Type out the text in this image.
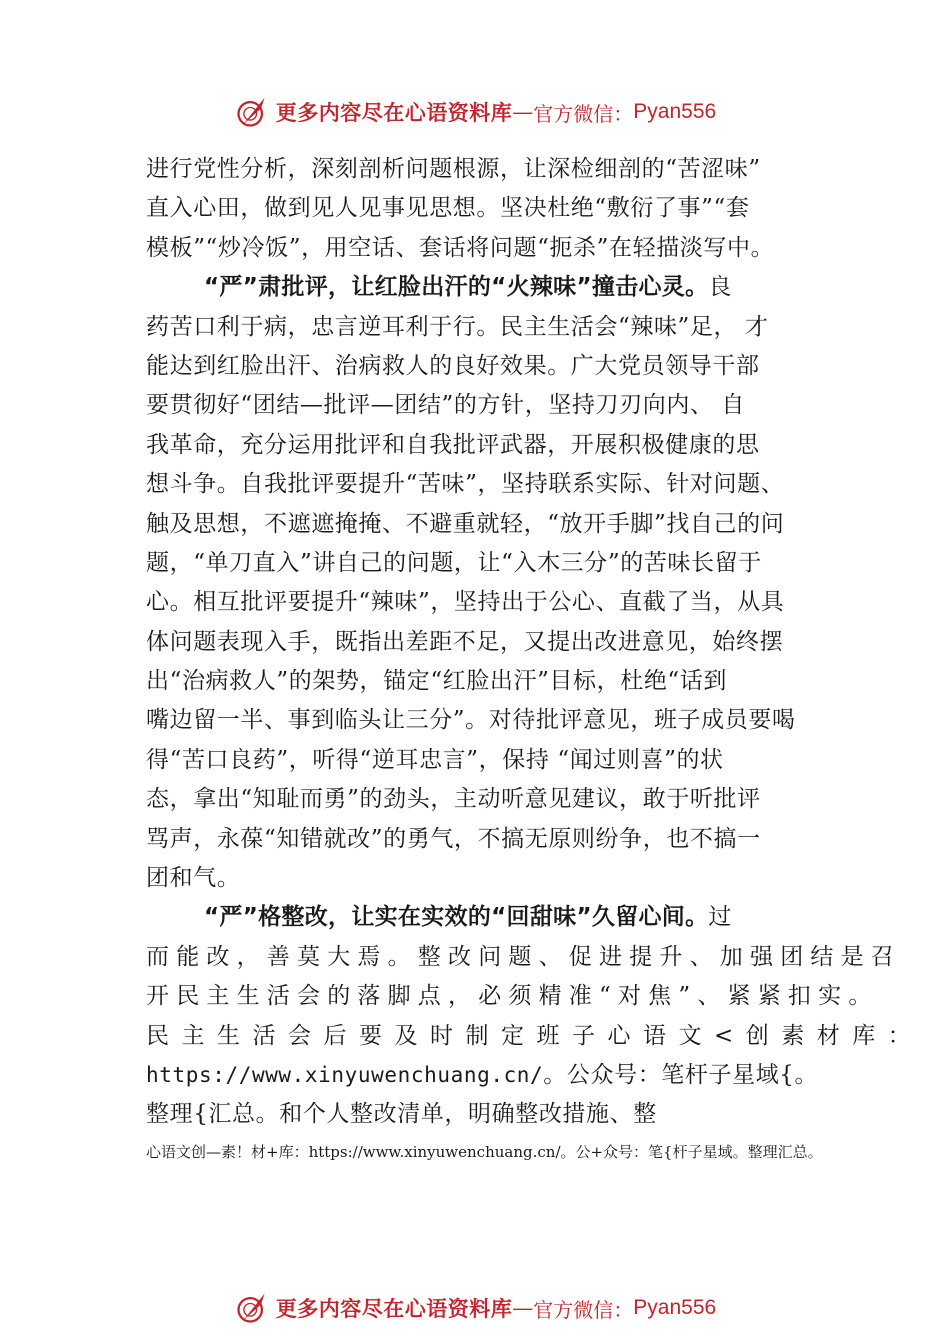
更多内容尽在心语资料库 — 官方微信： Pyan556
进行党性分析，深刻剖析问题根源，让深检细剖的“苦涩味”
直入心田，做到见人见事见思想。坚决杜绝“敷衍了事”“套
模板”“炒冷饭”，用空话、套话将问题“扼杀”在轻描淡写中。
“严”肃批评，让红脸出汗的“火辣味”撞击心灵。良
药苦口利于病，忠言逆耳利于行。民主生活会“辣味”足， 才
能达到红脸出汗、治病救人的良好效果。广大党员领导干部
要贯彻好“团结—批评—团结”的方针，坚持刀刃向内、 自
我革命，充分运用批评和自我批评武器，开展积极健康的思
想斗争。自我批评要提升“苦味”，坚持联系实际、针对问题、
触及思想，不遮遮掩掩、不避重就轻，“放开手脚”找自己的问
题，“单刀直入”讲自己的问题，让“入木三分”的苦味长留于
心。相互批评要提升“辣味”，坚持出于公心、直截了当，从具
体问题表现入手，既指出差距不足，又提出改进意见，始终摆
出“治病救人”的架势，锚定“红脸出汗”目标，杜绝“话到
嘴边留一半、事到临头让三分”。对待批评意见，班子成员要喝
得“苦口良药”，听得“逆耳忠言”，保持 “闻过则喜”的状
态，拿出“知耻而勇”的劲头，主动听意见建议，敢于听批评
骂声，永葆“知错就改”的勇气，不搞无原则纷争，也不搞一
团和气。
“严”格整改，让实在实效的“回甜味”久留心间。过
而能改，善莫大焉。整改问题、促进提升、加强团结是召
开民主生活会的落脚点，必须精准“对焦”、紧紧扣实。
民主生活会后要及时制定班子心语文<创素材库：
https://www.xinyuwenchuang.cn/。公众号：笔杆子星域{。
整理{汇总。和个人整改清单，明确整改措施、整
心语文创—素！材+库：https://www.xinyuwenchuang.cn/。公+众号：笔{杆子星域。整理汇总。
更多内容尽在心语资料库 — 官方微信： Pyan556
